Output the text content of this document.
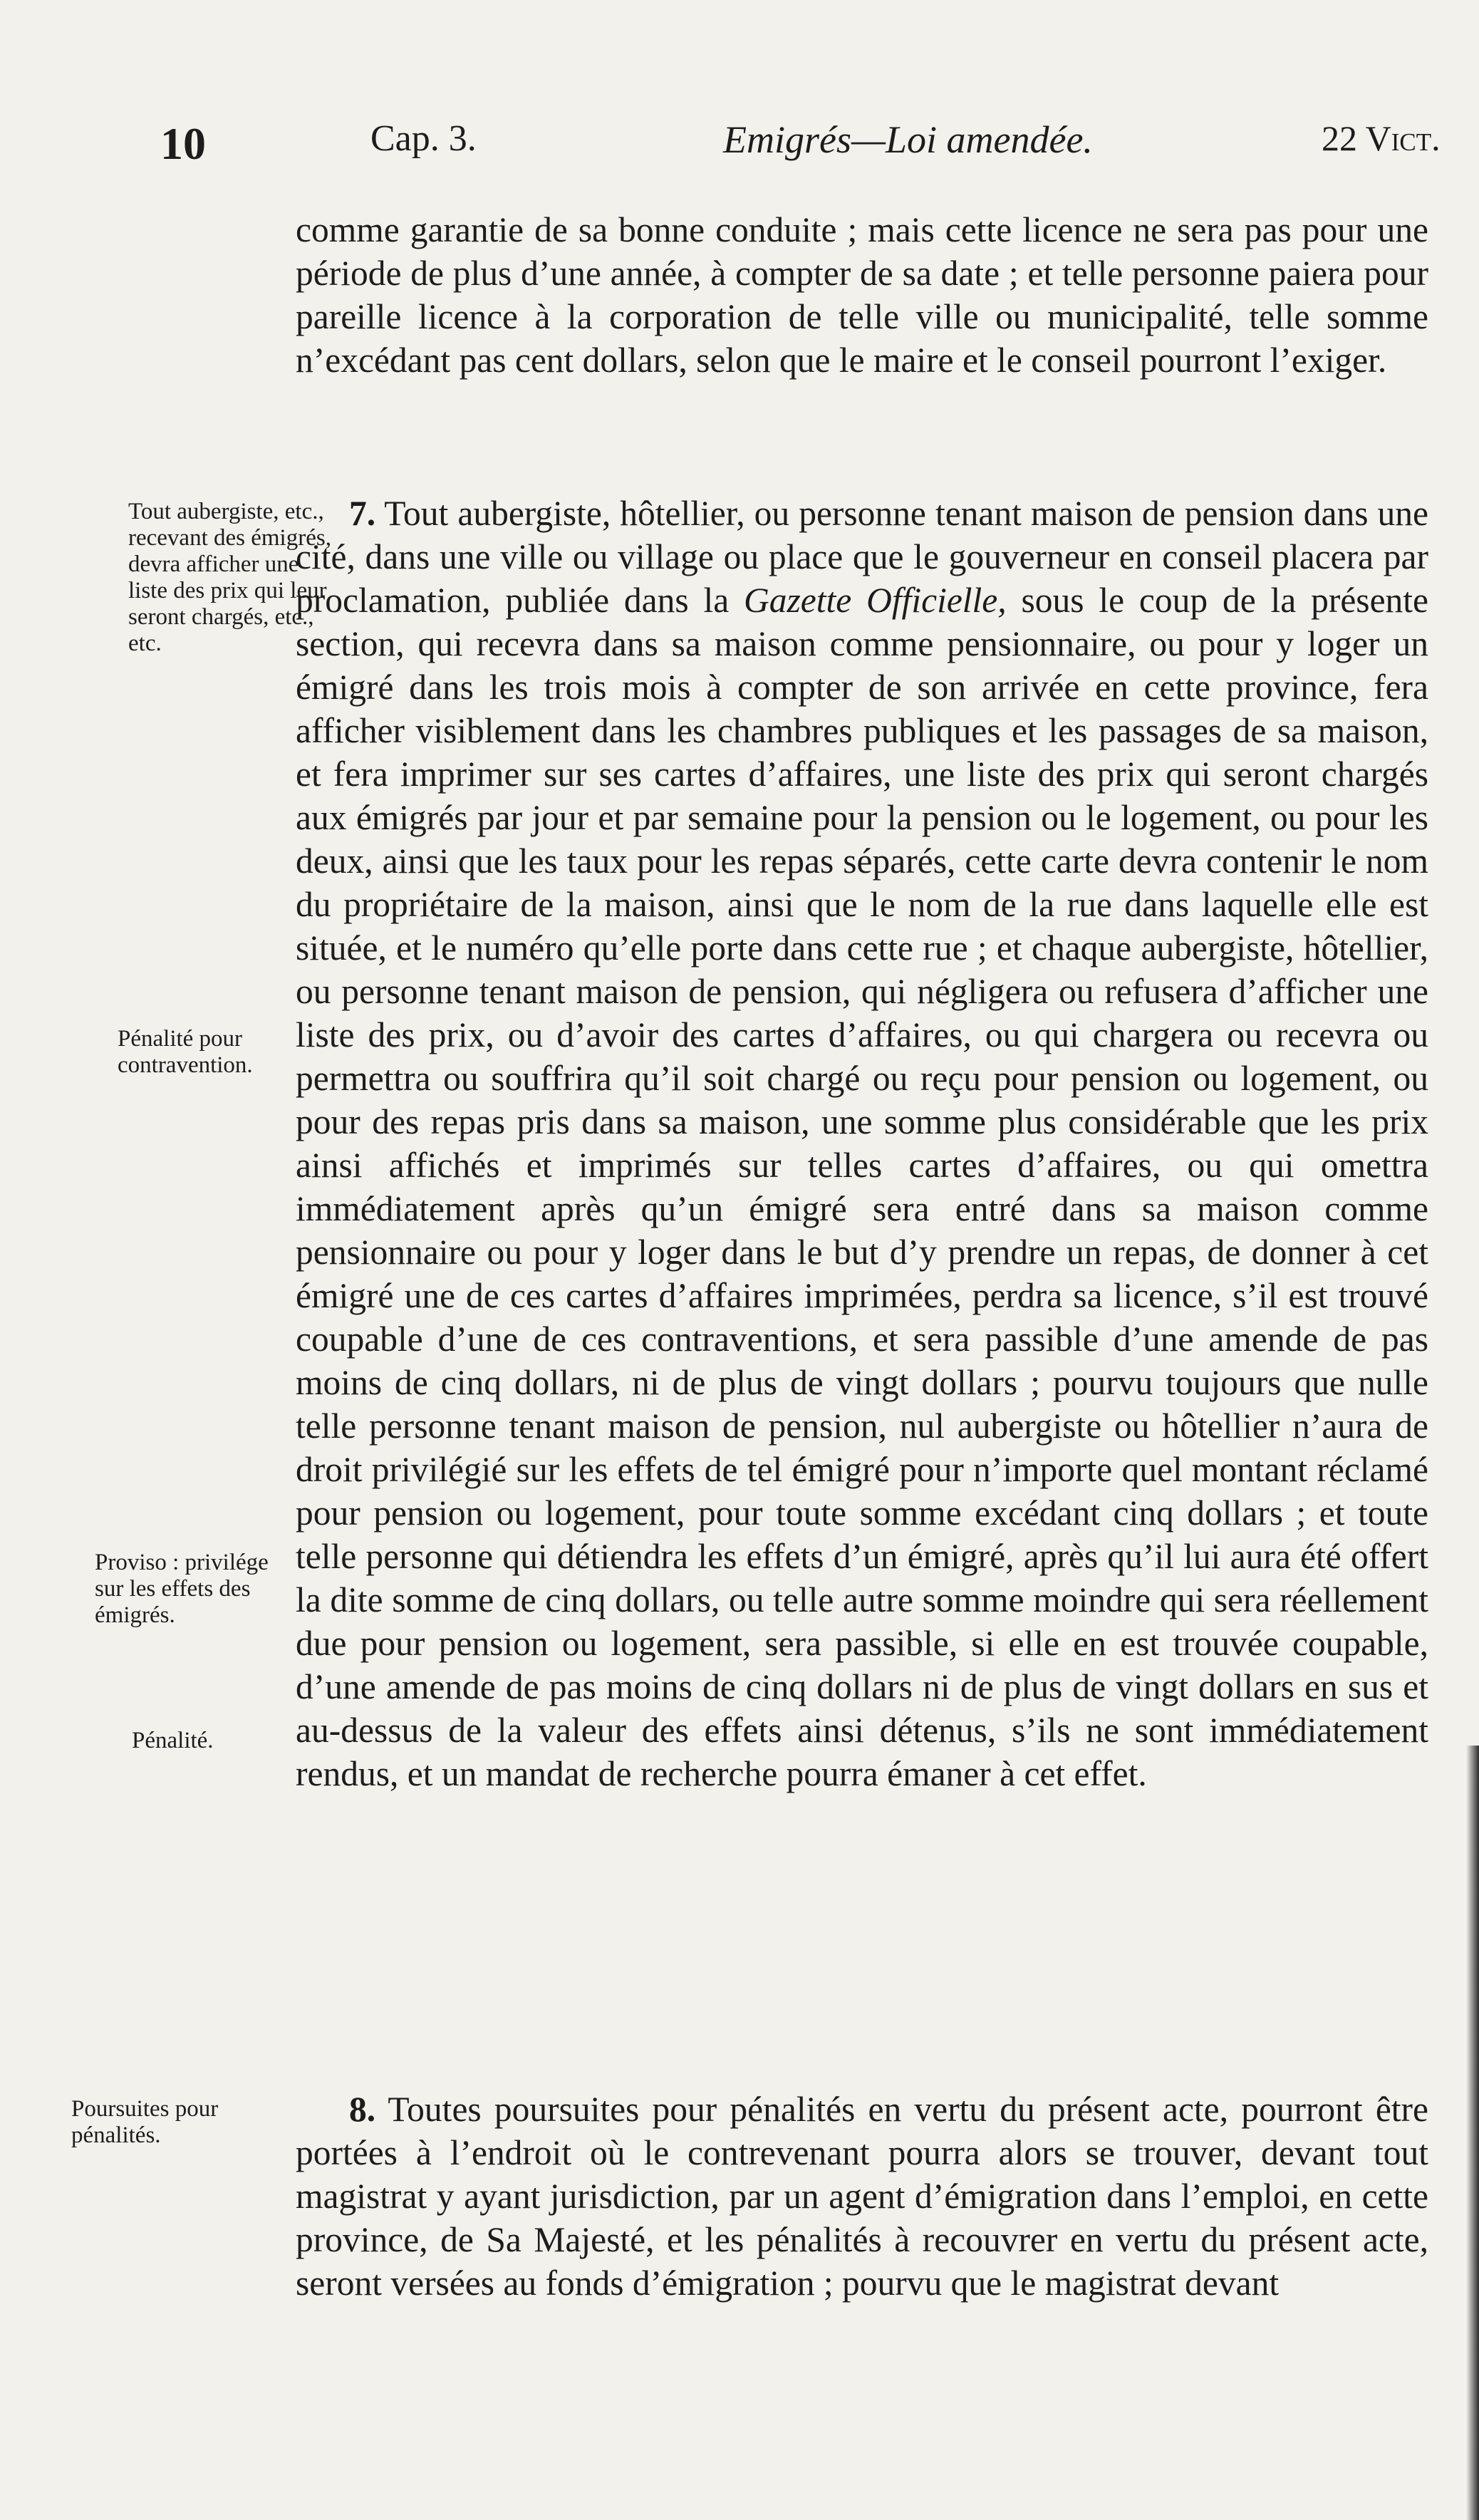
10	Cap. 3.	Emigrés—Loi amendée.	22 Vict.

comme garantie de sa bonne conduite ; mais cette licence ne sera pas pour une période de plus d’une année, à compter de sa date ; et telle personne paiera pour pareille licence à la corporation de telle ville ou municipalité, telle somme n’excédant pas cent dollars, selon que le maire et le conseil pourront l’exiger.

7. Tout aubergiste, hôtellier, ou personne tenant maison de pension dans une cité, dans une ville ou village ou place que le gouverneur en conseil placera par proclamation, publiée dans la Gazette Officielle, sous le coup de la présente section, qui recevra dans sa maison comme pensionnaire, ou pour y loger un émigré dans les trois mois à compter de son arrivée en cette province, fera afficher visiblement dans les chambres publiques et les passages de sa maison, et fera imprimer sur ses cartes d’affaires, une liste des prix qui seront chargés aux émigrés par jour et par semaine pour la pension ou le logement, ou pour les deux, ainsi que les taux pour les repas séparés, cette carte devra contenir le nom du propriétaire de la maison, ainsi que le nom de la rue dans laquelle elle est située, et le numéro qu’elle porte dans cette rue ; et chaque aubergiste, hôtellier, ou personne tenant maison de pension, qui négligera ou refusera d’afficher une liste des prix, ou d’avoir des cartes d’affaires, ou qui chargera ou recevra ou permettra ou souffrira qu’il soit chargé ou reçu pour pension ou logement, ou pour des repas pris dans sa maison, une somme plus considérable que les prix ainsi affichés et imprimés sur telles cartes d’affaires, ou qui omettra immédiatement après qu’un émigré sera entré dans sa maison comme pensionnaire ou pour y loger dans le but d’y prendre un repas, de donner à cet émigré une de ces cartes d’affaires imprimées, perdra sa licence, s’il est trouvé coupable d’une de ces contraventions, et sera passible d’une amende de pas moins de cinq dollars, ni de plus de vingt dollars ; pourvu toujours que nulle telle personne tenant maison de pension, nul aubergiste ou hôtellier n’aura de droit privilégié sur les effets de tel émigré pour n’importe quel montant réclamé pour pension ou logement, pour toute somme excédant cinq dollars ; et toute telle personne qui détiendra les effets d’un émigré, après qu’il lui aura été offert la dite somme de cinq dollars, ou telle autre somme moindre qui sera réellement due pour pension ou logement, sera passible, si elle en est trouvée coupable, d’une amende de pas moins de cinq dollars ni de plus de vingt dollars en sus et au-dessus de la valeur des effets ainsi détenus, s’ils ne sont immédiatement rendus, et un mandat de recherche pourra émaner à cet effet.

8. Toutes poursuites pour pénalités en vertu du présent acte, pourront être portées à l’endroit où le contrevenant pourra alors se trouver, devant tout magistrat y ayant jurisdiction, par un agent d’émigration dans l’emploi, en cette province, de Sa Majesté, et les pénalités à recouvrer en vertu du présent acte, seront versées au fonds d’émigration ; pourvu que le magistrat devant

Tout aubergiste, etc., recevant des émigrés, devra afficher une liste des prix qui leur seront chargés, etc., etc.
Pénalité pour contravention.
Proviso : privilége sur les effets des émigrés.
Pénalité.
Poursuites pour pénalités.
